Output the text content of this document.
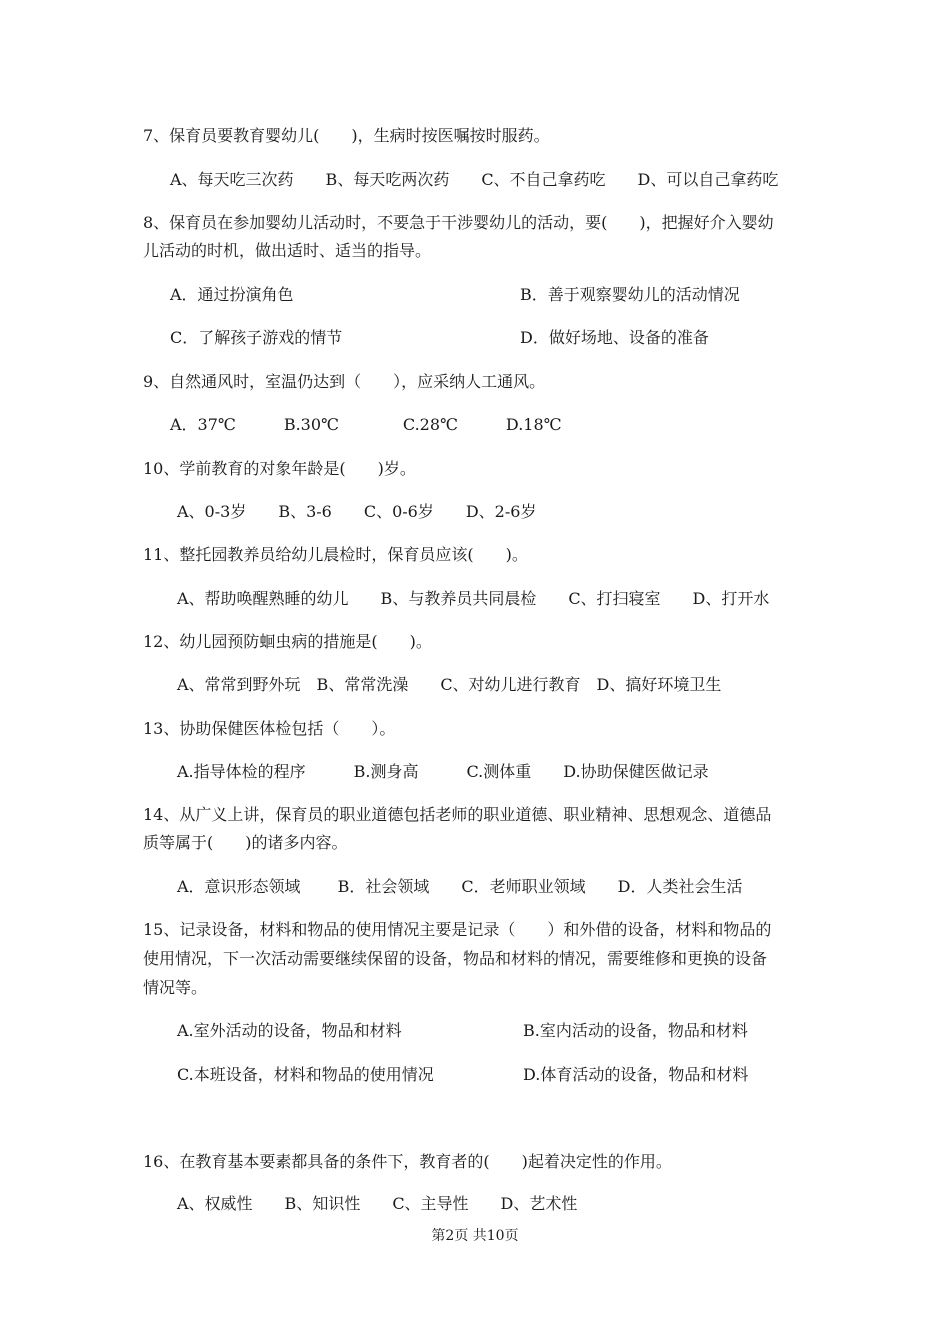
7、保育员要教育婴幼儿(　　)，生病时按医嘱按时服药。
A、每天吃三次药　　B、每天吃两次药　　C、不自己拿药吃　　D、可以自己拿药吃
8、保育员在参加婴幼儿活动时，不要急于干涉婴幼儿的活动，要(　　)，把握好介入婴幼
儿活动的时机，做出适时、适当的指导。
A．通过扮演角色	B．善于观察婴幼儿的活动情况
C．了解孩子游戏的情节	D．做好场地、设备的准备
9、自然通风时，室温仍达到（　　），应采纳人工通风。
A．37℃　　　B.30℃　　　　C.28℃　　　D.18℃
10、学前教育的对象年龄是(　　)岁。
A、0-3岁　　B、3-6　　C、0-6岁　　D、2-6岁
11、整托园教养员给幼儿晨检时，保育员应该(　　)。
A、帮助唤醒熟睡的幼儿　　B、与教养员共同晨检　　C、打扫寝室　　D、打开水
12、幼儿园预防蛔虫病的措施是(　　)。
A、常常到野外玩　B、常常洗澡　　C、对幼儿进行教育　D、搞好环境卫生
13、协助保健医体检包括（　　）。
A.指导体检的程序　　　B.测身高　　　C.测体重　　D.协助保健医做记录
14、从广义上讲，保育员的职业道德包括老师的职业道德、职业精神、思想观念、道德品
质等属于(　　)的诸多内容。
A．意识形态领域　　 B．社会领域　　C．老师职业领域　　D．人类社会生活
15、记录设备，材料和物品的使用情况主要是记录（　　）和外借的设备，材料和物品的
使用情况，下一次活动需要继续保留的设备，物品和材料的情况，需要维修和更换的设备
情况等。
A.室外活动的设备，物品和材料	B.室内活动的设备，物品和材料
C.本班设备，材料和物品的使用情况	D.体育活动的设备，物品和材料
16、在教育基本要素都具备的条件下，教育者的(　　)起着决定性的作用。
A、权威性　　B、知识性　　C、主导性　　D、艺术性
第2页 共10页
